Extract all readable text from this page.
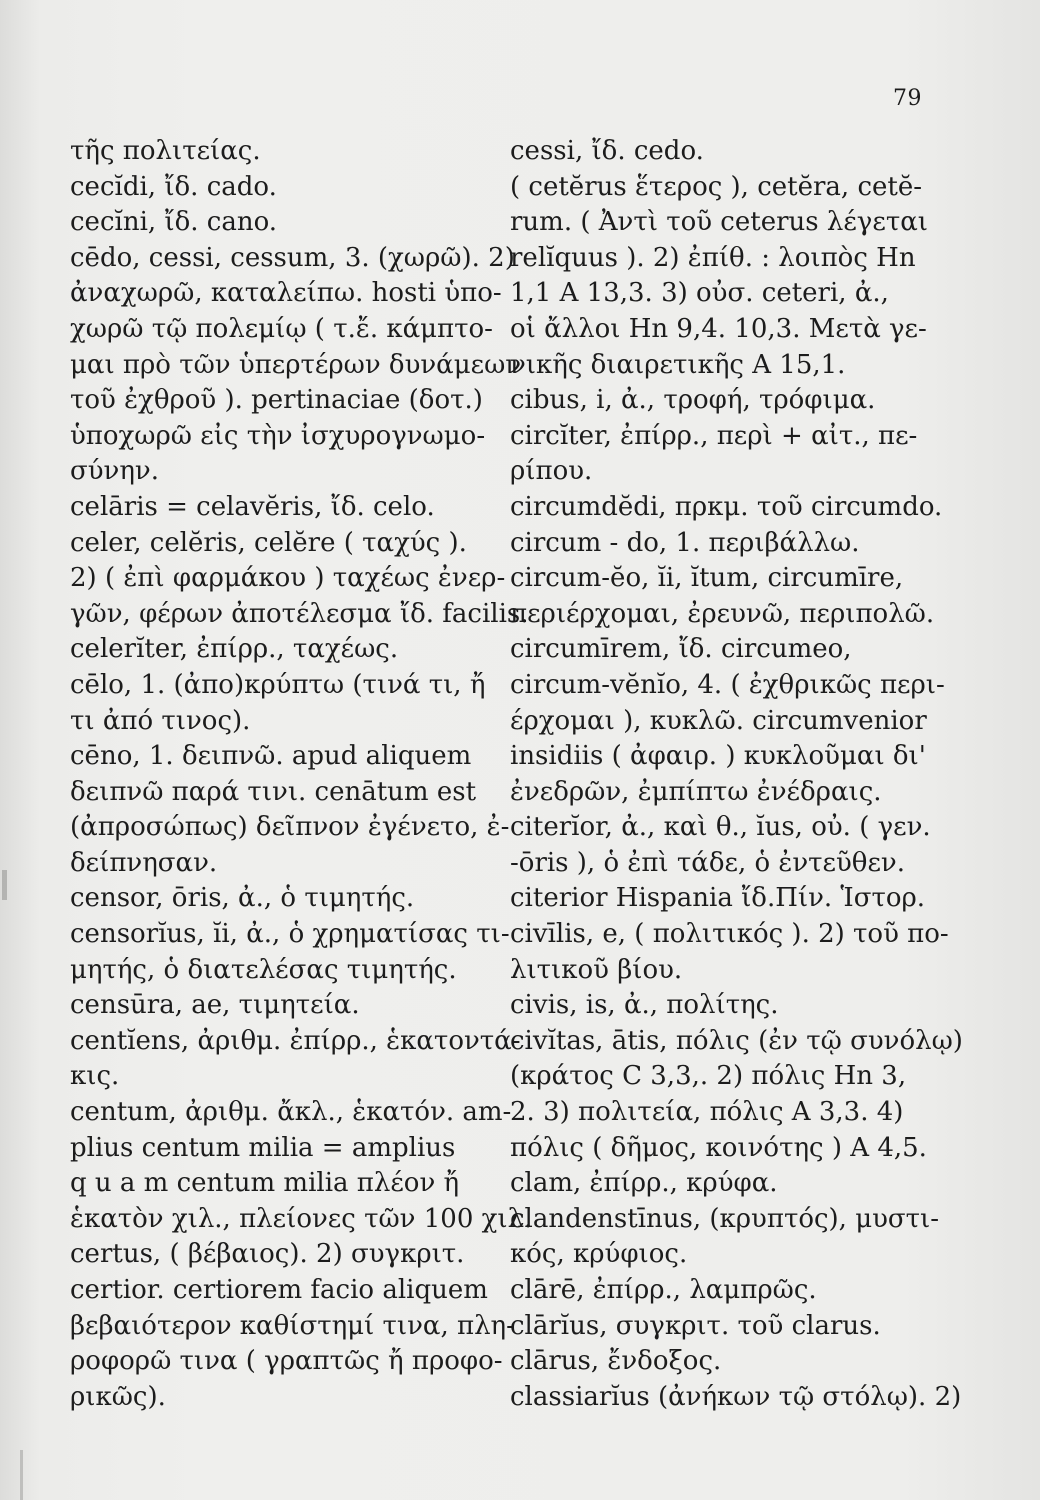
79
τῆς πολιτείας.
cecĭdi, ἴδ. cado.
cecĭni, ἴδ. cano.
cēdo, cessi, cessum, 3. (χωρῶ). 2)
ἀναχωρῶ, καταλείπω. hosti ὑπο-
χωρῶ τῷ πολεμίῳ ( τ.ἔ. κάμπτο-
μαι πρὸ τῶν ὑπερτέρων δυνάμεων
τοῦ ἐχθροῦ ). pertinaciae (δοτ.)
ὑποχωρῶ εἰς τὴν ἰσχυρογνωμο-
σύνην.
celāris = celavĕris, ἴδ. celo.
celer, celĕris, celĕre ( ταχύς ).
2) ( ἐπὶ φαρμάκου ) ταχέως ἐνερ-
γῶν, φέρων ἀποτέλεσμα ἴδ. facilis.
celerĭter, ἐπίρρ., ταχέως.
cēlo, 1. (ἀπο)κρύπτω (τινά τι, ἤ
τι ἀπό τινος).
cēno, 1. δειπνῶ. apud aliquem
δειπνῶ παρά τινι. cenātum est
(ἀπροσώπως) δεῖπνον ἐγένετο, ἐ-
δείπνησαν.
censor, ōris, ἀ., ὁ τιμητής.
censorĭus, ĭi, ἀ., ὁ χρηματίσας τι-
μητής, ὁ διατελέσας τιμητής.
censūra, ae, τιμητεία.
centĭens, ἀριθμ. ἐπίρρ., ἑκατοντά-
κις.
centum, ἀριθμ. ἄκλ., ἑκατόν. am-
plius centum milia = amplius
q u a m centum milia πλέον ἤ
ἑκατὸν χιλ., πλείονες τῶν 100 χιλ.
certus, ( βέβαιος). 2) συγκριτ.
certior. certiorem facio aliquem
βεβαιότερον καθίστημί τινα, πλη-
ροφορῶ τινα ( γραπτῶς ἤ προφο-
ρικῶς).
cessi, ἴδ. cedo.
( cetĕrus ἕτερος ), cetĕra, cetĕ-
rum. ( Ἀντὶ τοῦ ceterus λέγεται
relĭquus ). 2) ἐπίθ. : λοιπὸς Hn
1,1 A 13,3. 3) οὐσ. ceteri, ἀ.,
οἱ ἄλλοι Hn 9,4. 10,3. Μετὰ γε-
νικῆς διαιρετικῆς A 15,1.
cibus, i, ἀ., τροφή, τρόφιμα.
circĭter, ἐπίρρ., περὶ + αἰτ., πε-
ρίπου.
circumdĕdi, πρκμ. τοῦ circumdo.
circum - do, 1. περιβάλλω.
circum-ĕo, ĭi, ĭtum, circumīre,
περιέρχομαι, ἐρευνῶ, περιπολῶ.
circumīrem, ἴδ. circumeo,
circum-vĕnĭo, 4. ( ἐχθρικῶς περι-
έρχομαι ), κυκλῶ. circumvenior
insidiis ( ἀφαιρ. ) κυκλοῦμαι δι'
ἐνεδρῶν, ἐμπίπτω ἐνέδραις.
citerĭor, ἀ., καὶ θ., ĭus, οὐ. ( γεν.
-ōris ), ὁ ἐπὶ τάδε, ὁ ἐντεῦθεν.
citerior Hispania ἴδ.Πίν. Ἱστορ.
civīlis, e, ( πολιτικός ). 2) τοῦ πο-
λιτικοῦ βίου.
civis, is, ἀ., πολίτης.
civĭtas, ātis, πόλις (ἐν τῷ συνόλῳ)
(κράτος C 3,3,. 2) πόλις Hn 3,
2. 3) πολιτεία, πόλις A 3,3. 4)
πόλις ( δῆμος, κοινότης ) A 4,5.
clam, ἐπίρρ., κρύφα.
clandenstīnus, (κρυπτός), μυστι-
κός, κρύφιος.
clārē, ἐπίρρ., λαμπρῶς.
clārĭus, συγκριτ. τοῦ clarus.
clārus, ἔνδοξος.
classiarĭus (ἀνήκων τῷ στόλῳ). 2)
